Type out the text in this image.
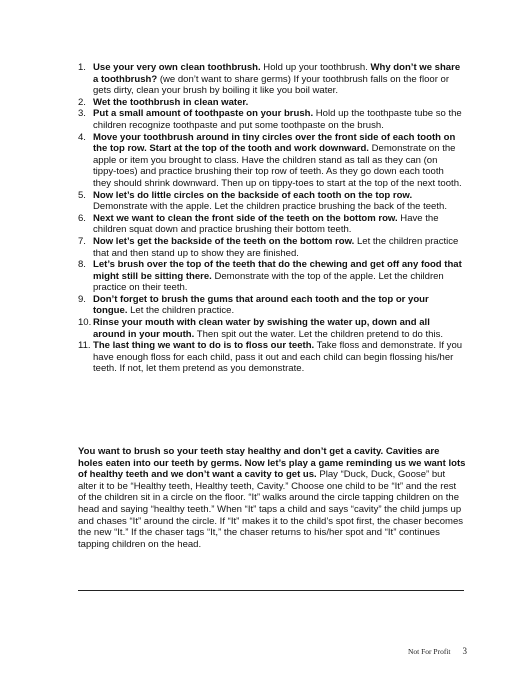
1. Use your very own clean toothbrush. Hold up your toothbrush. Why don’t we share a toothbrush? (we don’t want to share germs) If your toothbrush falls on the floor or gets dirty, clean your brush by boiling it like you boil water.
2. Wet the toothbrush in clean water.
3. Put a small amount of toothpaste on your brush. Hold up the toothpaste tube so the children recognize toothpaste and put some toothpaste on the brush.
4. Move your toothbrush around in tiny circles over the front side of each tooth on the top row. Start at the top of the tooth and work downward. Demonstrate on the apple or item you brought to class. Have the children stand as tall as they can (on tippy-toes) and practice brushing their top row of teeth. As they go down each tooth they should shrink downward. Then up on tippy-toes to start at the top of the next tooth.
5. Now let’s do little circles on the backside of each tooth on the top row. Demonstrate with the apple. Let the children practice brushing the back of the teeth.
6. Next we want to clean the front side of the teeth on the bottom row. Have the children squat down and practice brushing their bottom teeth.
7. Now let’s get the backside of the teeth on the bottom row. Let the children practice that and then stand up to show they are finished.
8. Let’s brush over the top of the teeth that do the chewing and get off any food that might still be sitting there. Demonstrate with the top of the apple. Let the children practice on their teeth.
9. Don’t forget to brush the gums that around each tooth and the top or your tongue. Let the children practice.
10. Rinse your mouth with clean water by swishing the water up, down and all around in your mouth. Then spit out the water. Let the children pretend to do this.
11. The last thing we want to do is to floss our teeth. Take floss and demonstrate. If you have enough floss for each child, pass it out and each child can begin flossing his/her teeth. If not, let them pretend as you demonstrate.

You want to brush so your teeth stay healthy and don’t get a cavity. Cavities are holes eaten into our teeth by germs. Now let’s play a game reminding us we want lots of healthy teeth and we don’t want a cavity to get us. Play “Duck, Duck, Goose” but alter it to be “Healthy teeth, Healthy teeth, Cavity.” Choose one child to be “It” and the rest of the children sit in a circle on the floor. “It” walks around the circle tapping children on the head and saying “healthy teeth.” When “It” taps a child and says “cavity” the child jumps up and chases “It” around the circle. If “It” makes it to the child’s spot first, the chaser becomes the new “It.” If the chaser tags “It,” the chaser returns to his/her spot and “It” continues tapping children on the head.

Not For Profit 3
